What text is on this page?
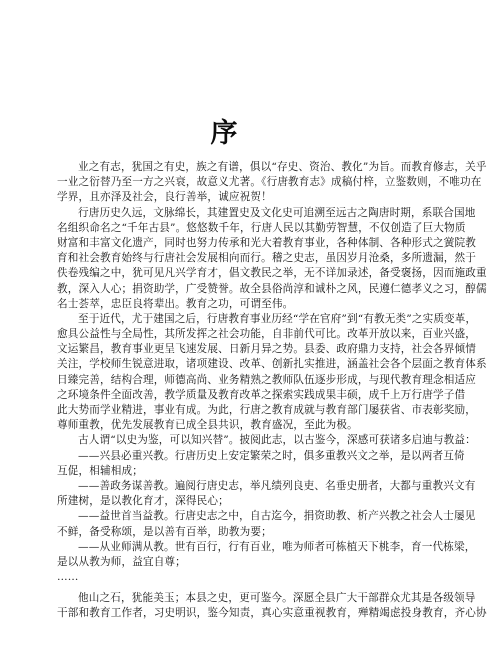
序
业之有志，犹国之有史，族之有谱，俱以“存史、资治、教化”为旨。而教育修志，关乎
一业之衍替乃至一方之兴衰，故意义尤著。《行唐教育志》成稿付梓，立鉴数则，不唯功在
学界，且亦泽及社会，良行善举，诚应祝贺！
行唐历史久远，文脉绵长，其建置史及文化史可追溯至远古之陶唐时期，系联合国地
名组织命名之“千年古县”。悠悠数千年，行唐人民以其勤劳智慧，不仅创造了巨大物质
财富和丰富文化遗产，同时也努力传承和光大着教育事业，各种体制、各种形式之黉院教
育和社会教育始终与行唐社会发展相向而行。稽之史志，虽因岁月沧桑，多所遗漏，然于
佚卷残编之中，犹可见凡兴学育才，倡文教民之举，无不详加录述，备受褒扬，因而施政重
教，深入人心；捐资助学，广受赞誉。故全县俗尚淳和诚朴之风，民遵仁德孝义之习，醇儒
名士荟萃，忠臣良将辈出。教育之功，可谓至伟。
至于近代，尤于建国之后，行唐教育事业历经“学在官府”到“有教无类”之实质变革，
愈具公益性与全局性，其所发挥之社会功能，自非前代可比。改革开放以来，百业兴盛，
文运繁昌，教育事业更呈飞速发展、日新月异之势。县委、政府鼎力支持，社会各界倾情
关注，学校师生锐意进取，诸项建设、改革、创新扎实推进，涵盖社会各个层面之教育体系
日臻完善，结构合理，师德高尚、业务精熟之教师队伍逐步形成，与现代教育理念相适应
之环境条件全面改善，教学质量及教育改革之探索实践成果丰硕，成千上万行唐学子借
此大势而学业精进，事业有成。为此，行唐之教育成就与教育部门屡获省、市表彰奖励，
尊师重教，优先发展教育已成全县共识，教育盛况，至此为极。
古人谓“以史为鉴，可以知兴替”。披阅此志，以古鉴今，深感可获诸多启迪与教益：
——兴县必重兴教。行唐历史上安定繁荣之时，俱多重教兴文之举，是以两者互倚
互促，相辅相成；
——善政务谋善教。遍阅行唐史志，举凡绩列良吏、名垂史册者，大都与重教兴文有
所建树，是以教化育才，深得民心；
——益世首当益教。行唐史志之中，自古迄今，捐资助教、析产兴教之社会人士屡见
不鲜，备受称颂，是以善有百举，助教为要；
——从业师满从教。世有百行，行有百业，唯为师者可栋植天下桃李，育一代栋梁，
是以从教为师，益宜自尊；
……
他山之石，犹能美玉；本县之史，更可鉴今。深愿全县广大干部群众尤其是各级领导
干部和教育工作者，习史明识，鉴今知责，真心实意重视教育，殚精竭虑投身教育，齐心协
